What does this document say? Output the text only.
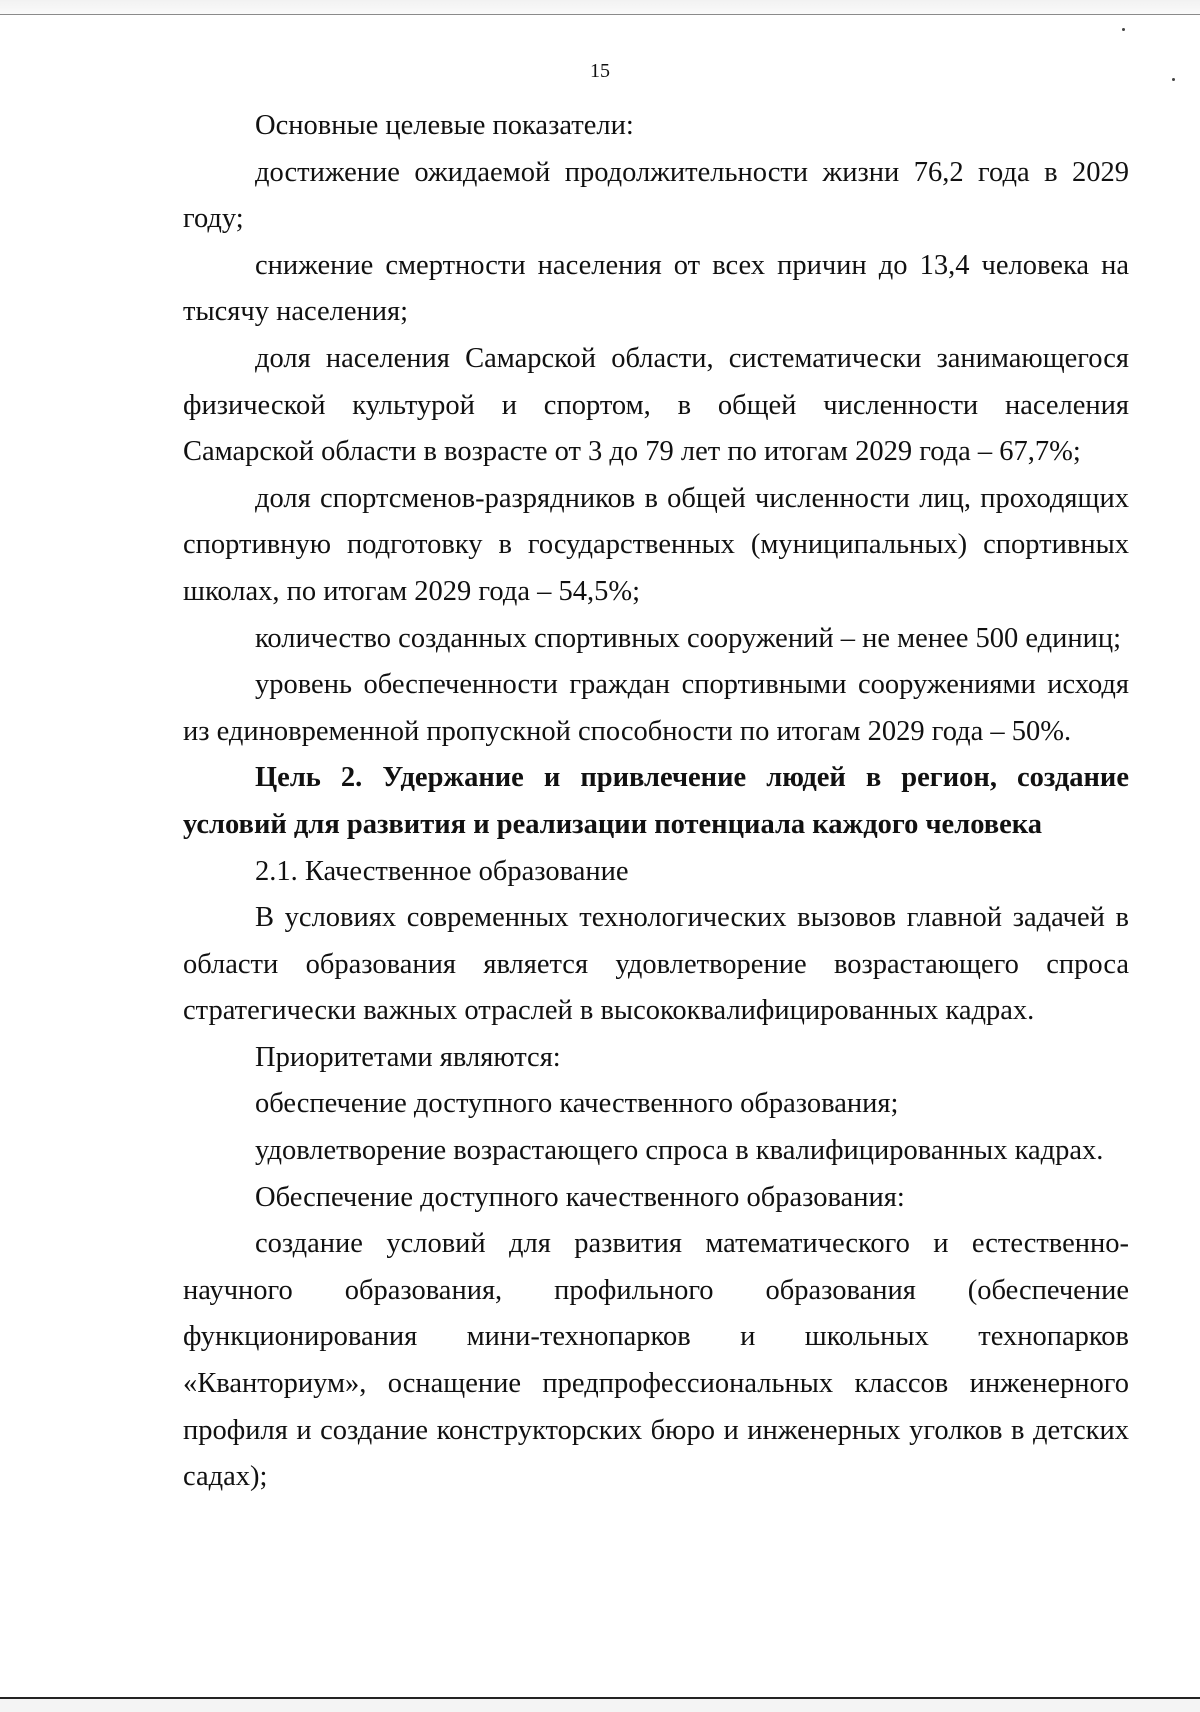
15

Основные целевые показатели:

достижение ожидаемой продолжительности жизни 76,2 года в 2029 году;

снижение смертности населения от всех причин до 13,4 человека на тысячу населения;

доля населения Самарской области, систематически занимающегося физической культурой и спортом, в общей численности населения Самарской области в возрасте от 3 до 79 лет по итогам 2029 года – 67,7%;

доля спортсменов-разрядников в общей численности лиц, проходящих спортивную подготовку в государственных (муниципальных) спортивных школах, по итогам 2029 года – 54,5%;

количество созданных спортивных сооружений – не менее 500 единиц;

уровень обеспеченности граждан спортивными сооружениями исходя из единовременной пропускной способности по итогам 2029 года – 50%.

Цель 2. Удержание и привлечение людей в регион, создание условий для развития и реализации потенциала каждого человека

2.1. Качественное образование

В условиях современных технологических вызовов главной задачей в области образования является удовлетворение возрастающего спроса стратегически важных отраслей в высококвалифицированных кадрах.

Приоритетами являются:

обеспечение доступного качественного образования;

удовлетворение возрастающего спроса в квалифицированных кадрах.

Обеспечение доступного качественного образования:

создание условий для развития математического и естественно-научного образования, профильного образования (обеспечение функционирования мини-технопарков и школьных технопарков «Кванториум», оснащение предпрофессиональных классов инженерного профиля и создание конструкторских бюро и инженерных уголков в детских садах);
